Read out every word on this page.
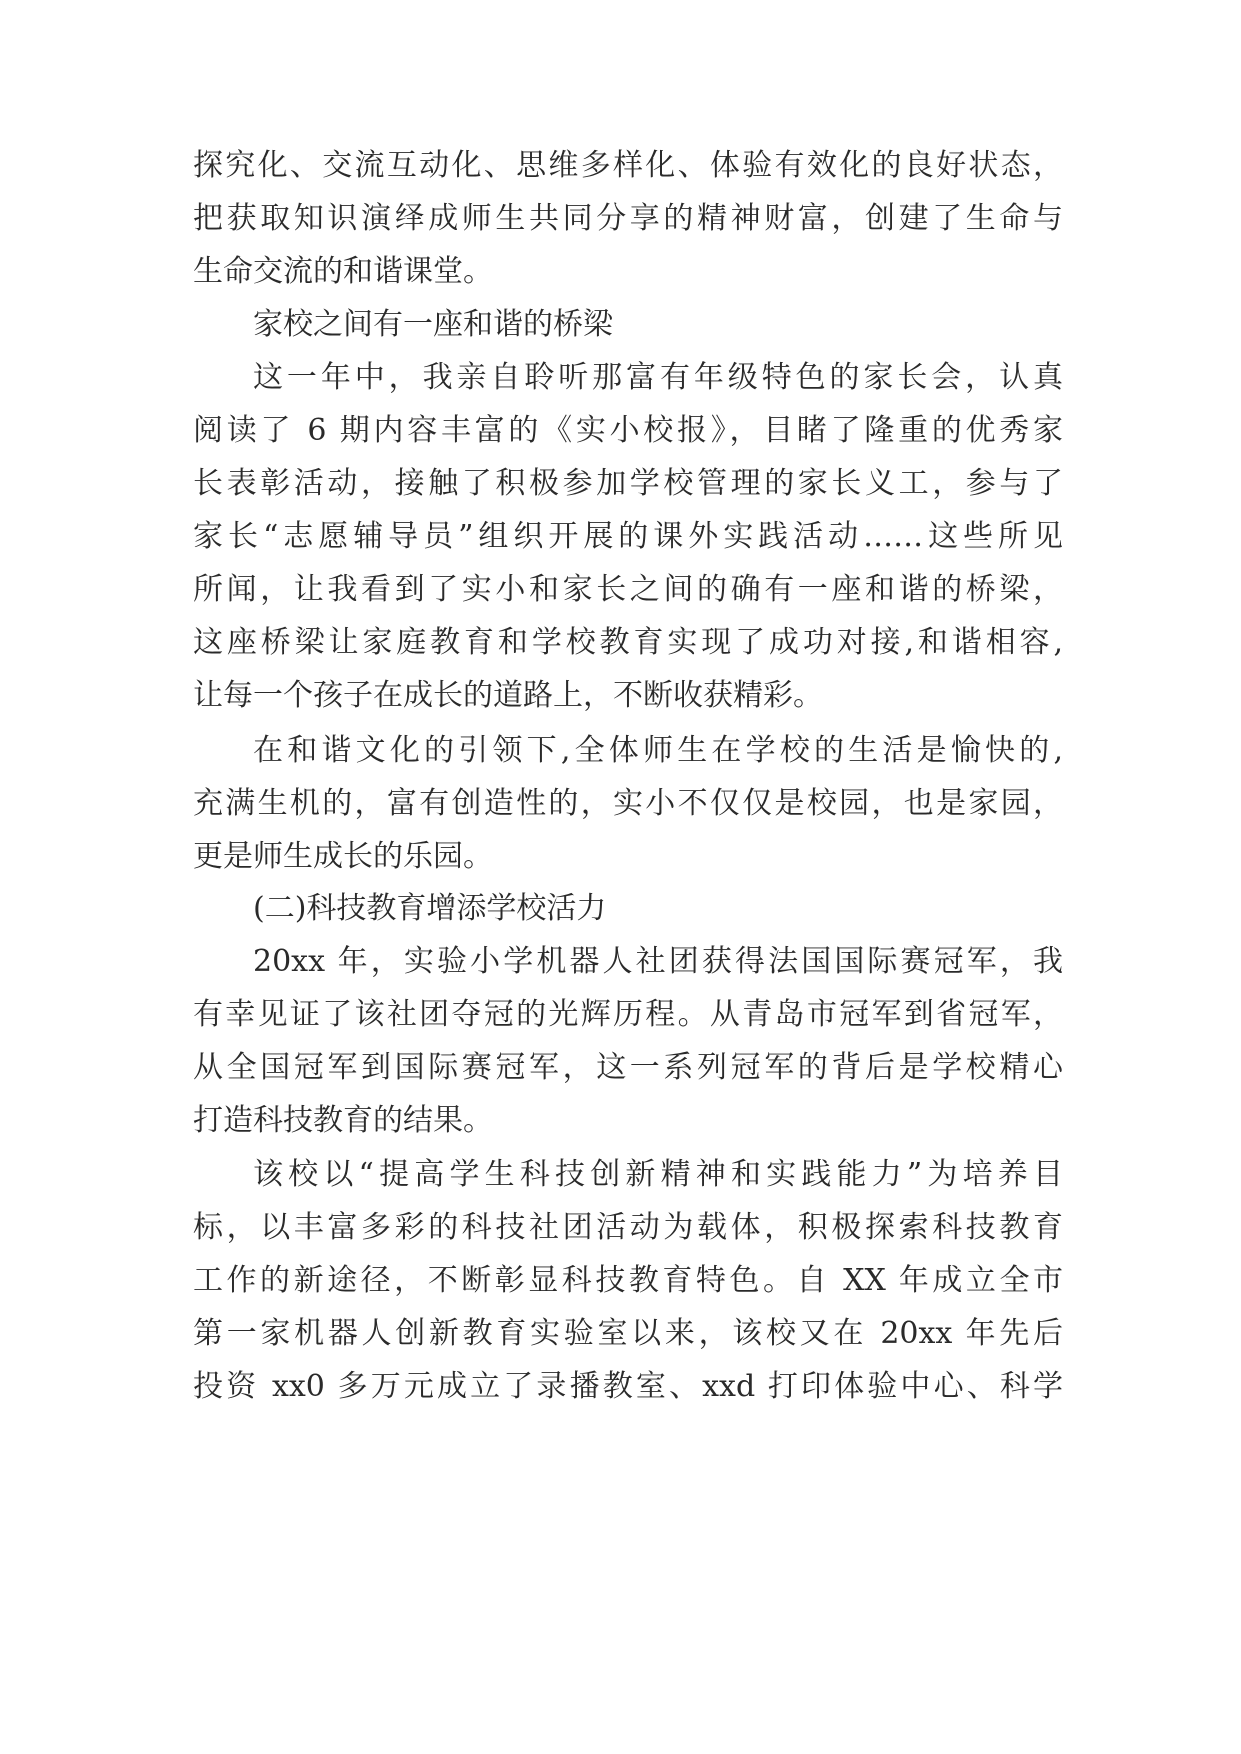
探究化、交流互动化、思维多样化、体验有效化的良好状态，
把获取知识演绎成师生共同分享的精神财富，创建了生命与
生命交流的和谐课堂。
家校之间有一座和谐的桥梁
这一年中，我亲自聆听那富有年级特色的家长会，认真
阅读了 6 期内容丰富的《实小校报》，目睹了隆重的优秀家
长表彰活动，接触了积极参加学校管理的家长义工，参与了
家长“志愿辅导员”组织开展的课外实践活动……这些所见
所闻，让我看到了实小和家长之间的确有一座和谐的桥梁，
这座桥梁让家庭教育和学校教育实现了成功对接,和谐相容,
让每一个孩子在成长的道路上，不断收获精彩。
在和谐文化的引领下,全体师生在学校的生活是愉快的,
充满生机的，富有创造性的，实小不仅仅是校园，也是家园，
更是师生成长的乐园。
(二)科技教育增添学校活力
20xx 年，实验小学机器人社团获得法国国际赛冠军，我
有幸见证了该社团夺冠的光辉历程。从青岛市冠军到省冠军，
从全国冠军到国际赛冠军，这一系列冠军的背后是学校精心
打造科技教育的结果。
该校以“提高学生科技创新精神和实践能力”为培养目
标，以丰富多彩的科技社团活动为载体，积极探索科技教育
工作的新途径，不断彰显科技教育特色。自 XX 年成立全市
第一家机器人创新教育实验室以来，该校又在 20xx 年先后
投资 xx0 多万元成立了录播教室、xxd 打印体验中心、科学
